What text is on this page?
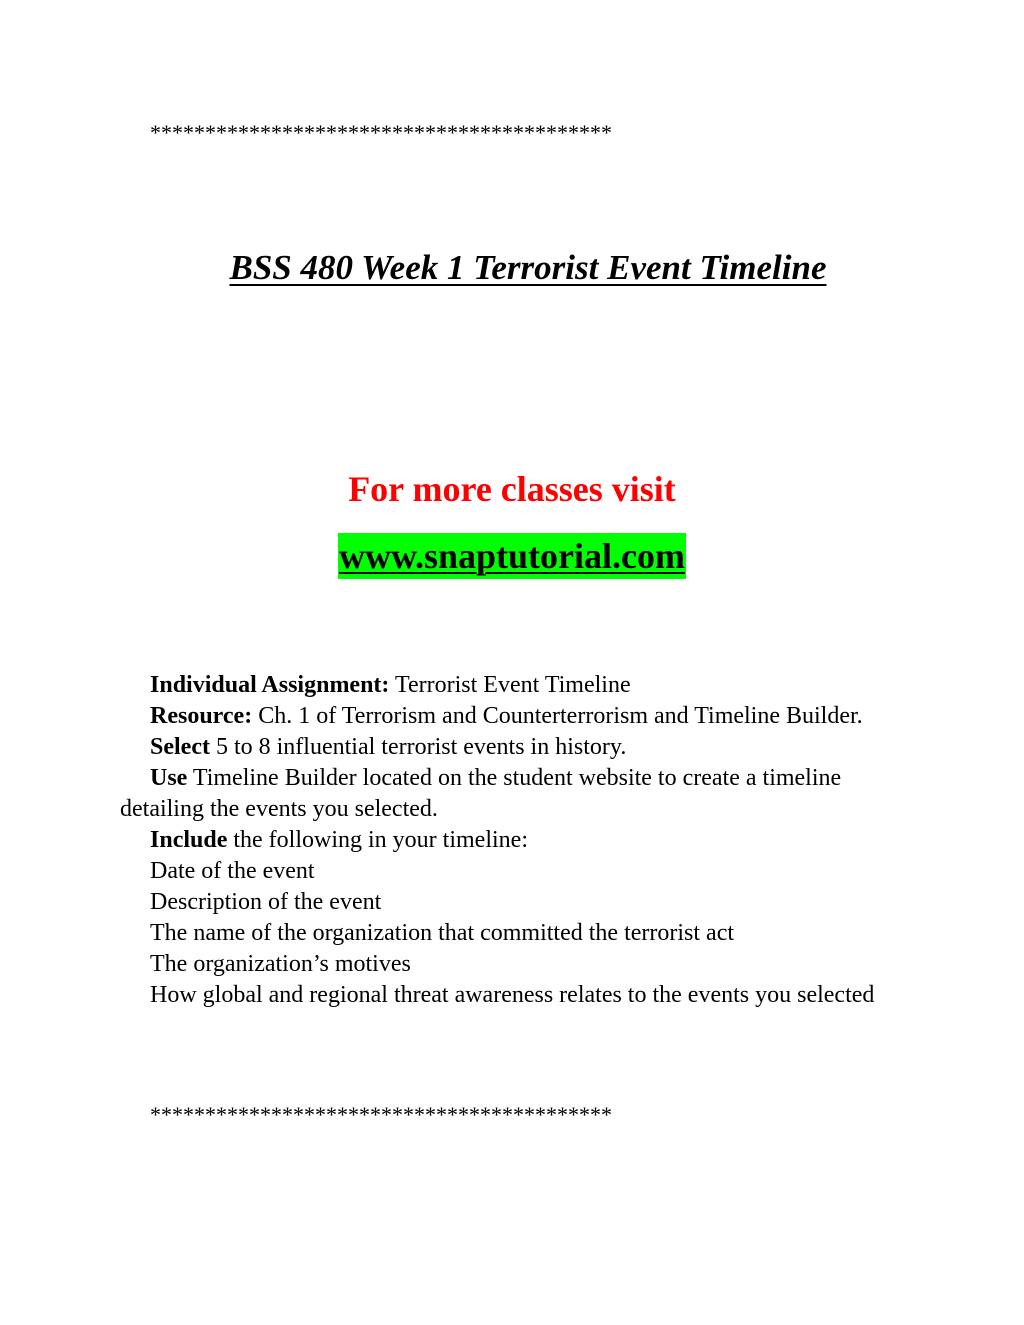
******************************************
BSS 480 Week 1 Terrorist Event Timeline
For more classes visit
www.snaptutorial.com

Individual Assignment: Terrorist Event Timeline

Resource: Ch. 1 of Terrorism and Counterterrorism and Timeline Builder.

Select 5 to 8 influential terrorist events in history.

Use Timeline Builder located on the student website to create a timeline detailing the events you selected.

Include the following in your timeline:

Date of the event

Description of the event

The name of the organization that committed the terrorist act

The organization’s motives

How global and regional threat awareness relates to the events you selected

******************************************
